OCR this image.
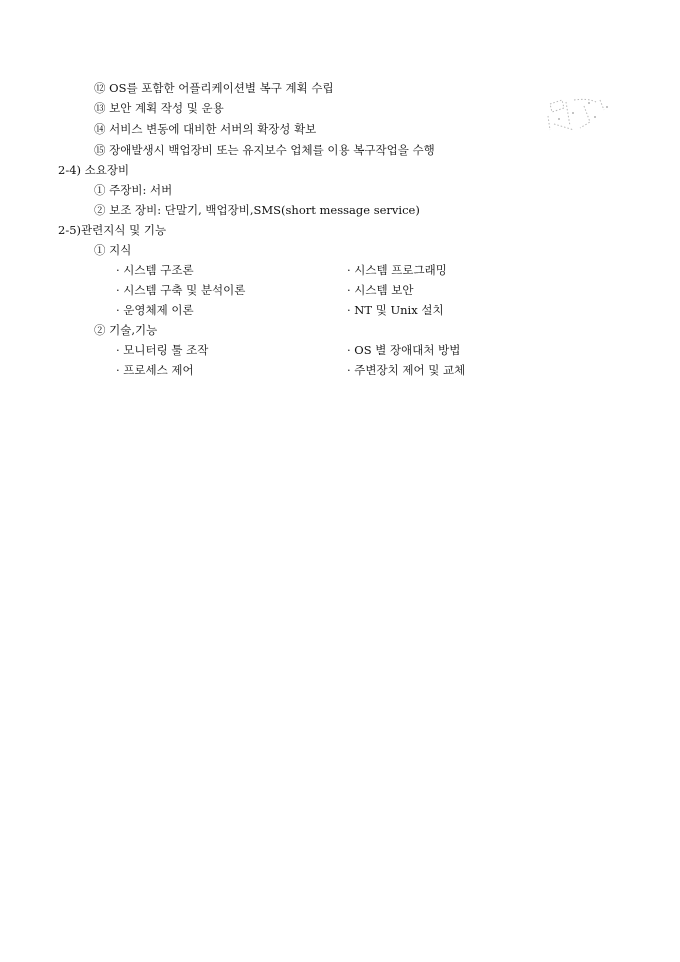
⑫ OS를 포함한 어플리케이션별 복구 계획 수립
⑬ 보안 계획 작성 및 운용
⑭ 서비스 변동에 대비한 서버의 확장성 확보
⑮ 장애발생시 백업장비 또는 유지보수 업체를 이용 복구작업을 수행
2-4) 소요장비
① 주장비: 서버
② 보조 장비: 단말기, 백업장비,SMS(short message service)
2-5)관련지식 및 기능
① 지식
· 시스템 구조론	· 시스템 프로그래밍
· 시스템 구축 및 분석이론	· 시스템 보안
· 운영체제 이론	· NT 및 Unix 설치
② 기술,기능
· 모니터링 툴 조작	· OS 별 장애대처 방법
· 프로세스 제어	· 주변장치 제어 및 교체
